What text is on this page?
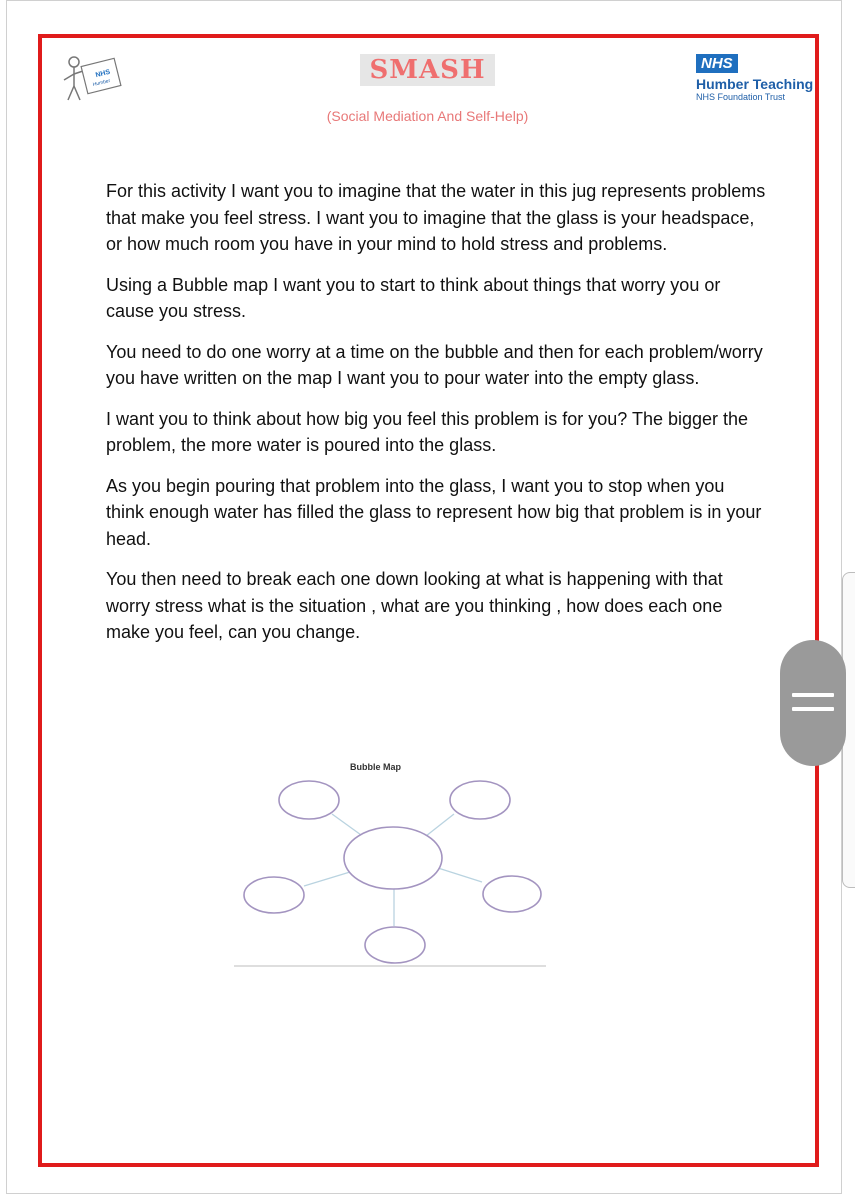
NHS
Humber	SMASH
(Social Mediation And Self-Help)
NHS
Humber Teaching
NHS Foundation Trust

For this activity I want you to imagine that the water in this jug represents problems that make you feel stress. I want you to imagine that the glass is your headspace, or how much room you have in your mind to hold stress and problems.

Using a Bubble map I want you to start to think about things that worry you or cause you stress.

You need to do one worry at a time on the bubble and then for each problem/worry you have written on the map I want you to pour water into the empty glass.

I want you to think about how big you feel this problem is for you? The bigger the problem, the more water is poured into the glass.

As you begin pouring that problem into the glass, I want you to stop when you think enough water has filled the glass to represent how big that problem is in your head.

You then need to break each one down looking at what is happening with that worry stress what is the situation , what are you thinking , how does each one make you feel, can you change.

Bubble Map
